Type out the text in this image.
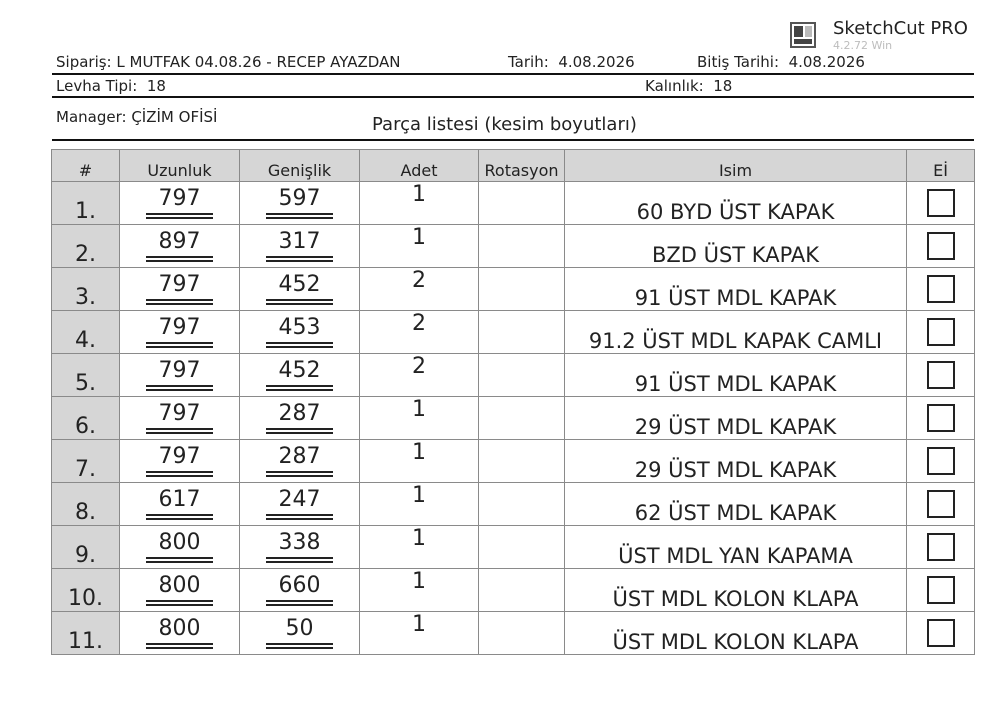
SketchCut PRO
4.2.72 Win
Sipariş: L MUTFAK 04.08.26 - RECEP AYAZDAN	Tarih: 4.08.2026	Bitiş Tarihi: 4.08.2026
Levha Tipi: 18	Kalınlık: 18
Manager: ÇİZİM OFİSİ	Parça listesi (kesim boyutları)
#	Uzunluk	Genişlik	Adet	Rotasyon	Isim	Eİ
1.	797	597	1		60 BYD ÜST KAPAK	
2.	897	317	1		BZD ÜST KAPAK	
3.	797	452	2		91 ÜST MDL KAPAK	
4.	797	453	2		91.2 ÜST MDL KAPAK CAMLI	
5.	797	452	2		91 ÜST MDL KAPAK	
6.	797	287	1		29 ÜST MDL KAPAK	
7.	797	287	1		29 ÜST MDL KAPAK	
8.	617	247	1		62 ÜST MDL KAPAK	
9.	800	338	1		ÜST MDL YAN KAPAMA	
10.	800	660	1		ÜST MDL KOLON KLAPA	
11.	800	50	1		ÜST MDL KOLON KLAPA	
